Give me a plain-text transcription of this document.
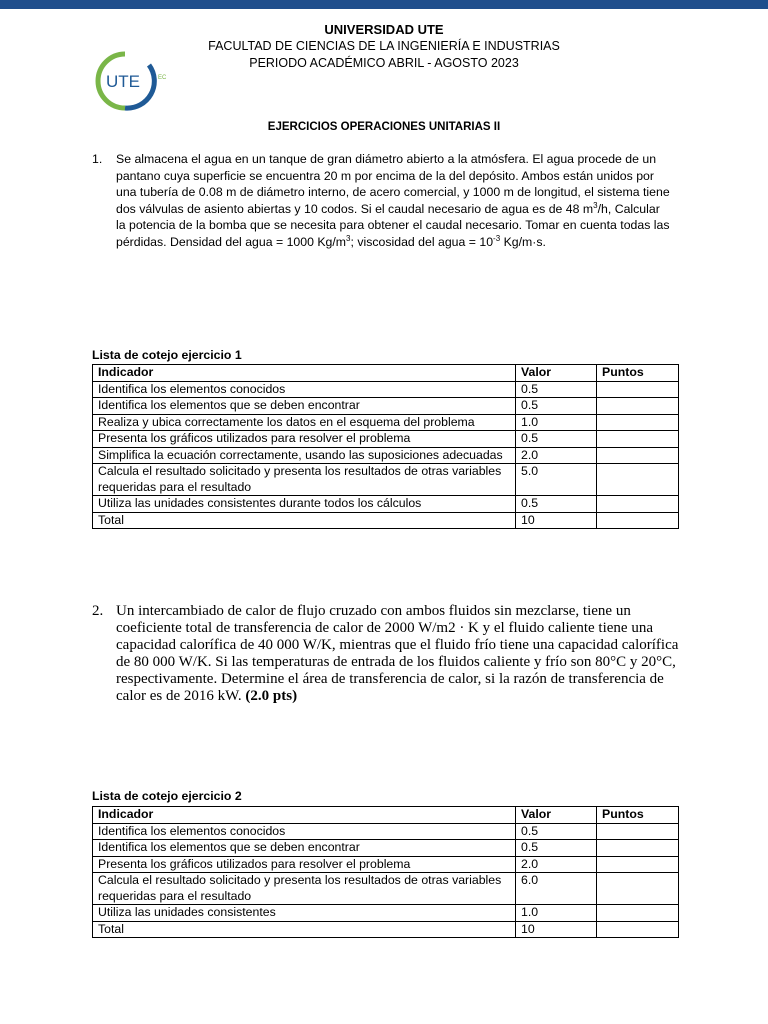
UTE	EC
UNIVERSIDAD UTE
FACULTAD DE CIENCIAS DE LA INGENIERÍA E INDUSTRIAS
PERIODO ACADÉMICO ABRIL - AGOSTO 2023
EJERCICIOS OPERACIONES UNITARIAS II
1. Se almacena el agua en un tanque de gran diámetro abierto a la atmósfera. El agua procede de un pantano cuya superficie se encuentra 20 m por encima de la del depósito. Ambos están unidos por una tubería de 0.08 m de diámetro interno, de acero comercial, y 1000 m de longitud, el sistema tiene dos válvulas de asiento abiertas y 10 codos. Si el caudal necesario de agua es de 48 $m^3/h$, Calcular la potencia de la bomba que se necesita para obtener el caudal necesario. Tomar en cuenta todas las pérdidas. Densidad del agua = 1000 $Kg/m^3$; viscosidad del agua = $10^{-3}$ Kg/m·s.
Lista de cotejo ejercicio 1
Indicador	Valor	Puntos
Identifica los elementos conocidos	0.5	
Identifica los elementos que se deben encontrar	0.5	
Realiza y ubica correctamente los datos en el esquema del problema	1.0	
Presenta los gráficos utilizados para resolver el problema	0.5	
Simplifica la ecuación correctamente, usando las suposiciones adecuadas	2.0	
Calcula el resultado solicitado y presenta los resultados de otras variables requeridas para el resultado	5.0	
Utiliza las unidades consistentes durante todos los cálculos	0.5	
Total	10	
2. Un intercambiado de calor de flujo cruzado con ambos fluidos sin mezclarse, tiene un coeficiente total de transferencia de calor de 2000 W/m2 · K y el fluido caliente tiene una capacidad calorífica de 40 000 W/K, mientras que el fluido frío tiene una capacidad calorífica de 80 000 W/K. Si las temperaturas de entrada de los fluidos caliente y frío son 80°C y 20°C, respectivamente. Determine el área de transferencia de calor, si la razón de transferencia de calor es de 2016 kW. (2.0 pts)
Lista de cotejo ejercicio 2
Indicador	Valor	Puntos
Identifica los elementos conocidos	0.5	
Identifica los elementos que se deben encontrar	0.5	
Presenta los gráficos utilizados para resolver el problema	2.0	
Calcula el resultado solicitado y presenta los resultados de otras variables requeridas para el resultado	6.0	
Utiliza las unidades consistentes	1.0	
Total	10	
